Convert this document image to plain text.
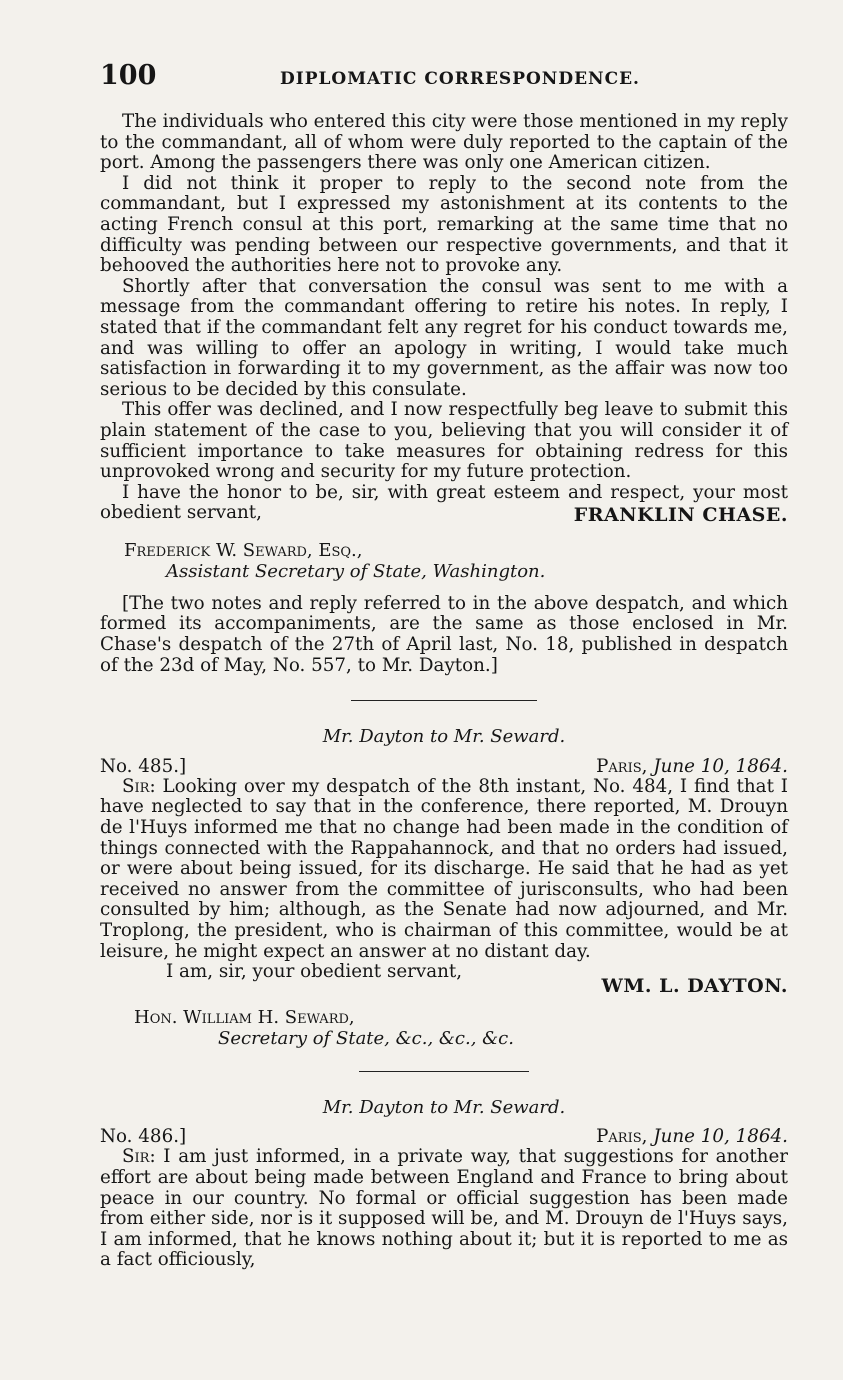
100	DIPLOMATIC CORRESPONDENCE.

The individuals who entered this city were those mentioned in my reply to the commandant, all of whom were duly reported to the captain of the port. Among the passengers there was only one American citizen.

I did not think it proper to reply to the second note from the commandant, but I expressed my astonishment at its contents to the acting French consul at this port, remarking at the same time that no difficulty was pending between our respective governments, and that it behooved the authorities here not to provoke any.

Shortly after that conversation the consul was sent to me with a message from the commandant offering to retire his notes. In reply, I stated that if the commandant felt any regret for his conduct towards me, and was willing to offer an apology in writing, I would take much satisfaction in forwarding it to my government, as the affair was now too serious to be decided by this consulate.

This offer was declined, and I now respectfully beg leave to submit this plain statement of the case to you, believing that you will consider it of sufficient importance to take measures for obtaining redress for this unprovoked wrong and security for my future protection.

I have the honor to be, sir, with great esteem and respect, your most obedient servant,	FRANKLIN CHASE.
Frederick W. Seward, Esq.,
Assistant Secretary of State, Washington.

[The two notes and reply referred to in the above despatch, and which formed its accompaniments, are the same as those enclosed in Mr. Chase's despatch of the 27th of April last, No. 18, published in despatch of the 23d of May, No. 557, to Mr. Dayton.]

Mr. Dayton to Mr. Seward.

No. 485.]	Paris, June 10, 1864.

Sir: Looking over my despatch of the 8th instant, No. 484, I find that I have neglected to say that in the conference, there reported, M. Drouyn de l'Huys informed me that no change had been made in the condition of things connected with the Rappahannock, and that no orders had issued, or were about being issued, for its discharge. He said that he had as yet received no answer from the committee of jurisconsults, who had been consulted by him; although, as the Senate had now adjourned, and Mr. Troplong, the president, who is chairman of this committee, would be at leisure, he might expect an answer at no distant day.

I am, sir, your obedient servant,

WM. L. DAYTON.
Hon. William H. Seward,
Secretary of State, &c., &c., &c.

Mr. Dayton to Mr. Seward.

No. 486.]	Paris, June 10, 1864.

Sir: I am just informed, in a private way, that suggestions for another effort are about being made between England and France to bring about peace in our country. No formal or official suggestion has been made from either side, nor is it supposed will be, and M. Drouyn de l'Huys says, I am informed, that he knows nothing about it; but it is reported to me as a fact officiously,
